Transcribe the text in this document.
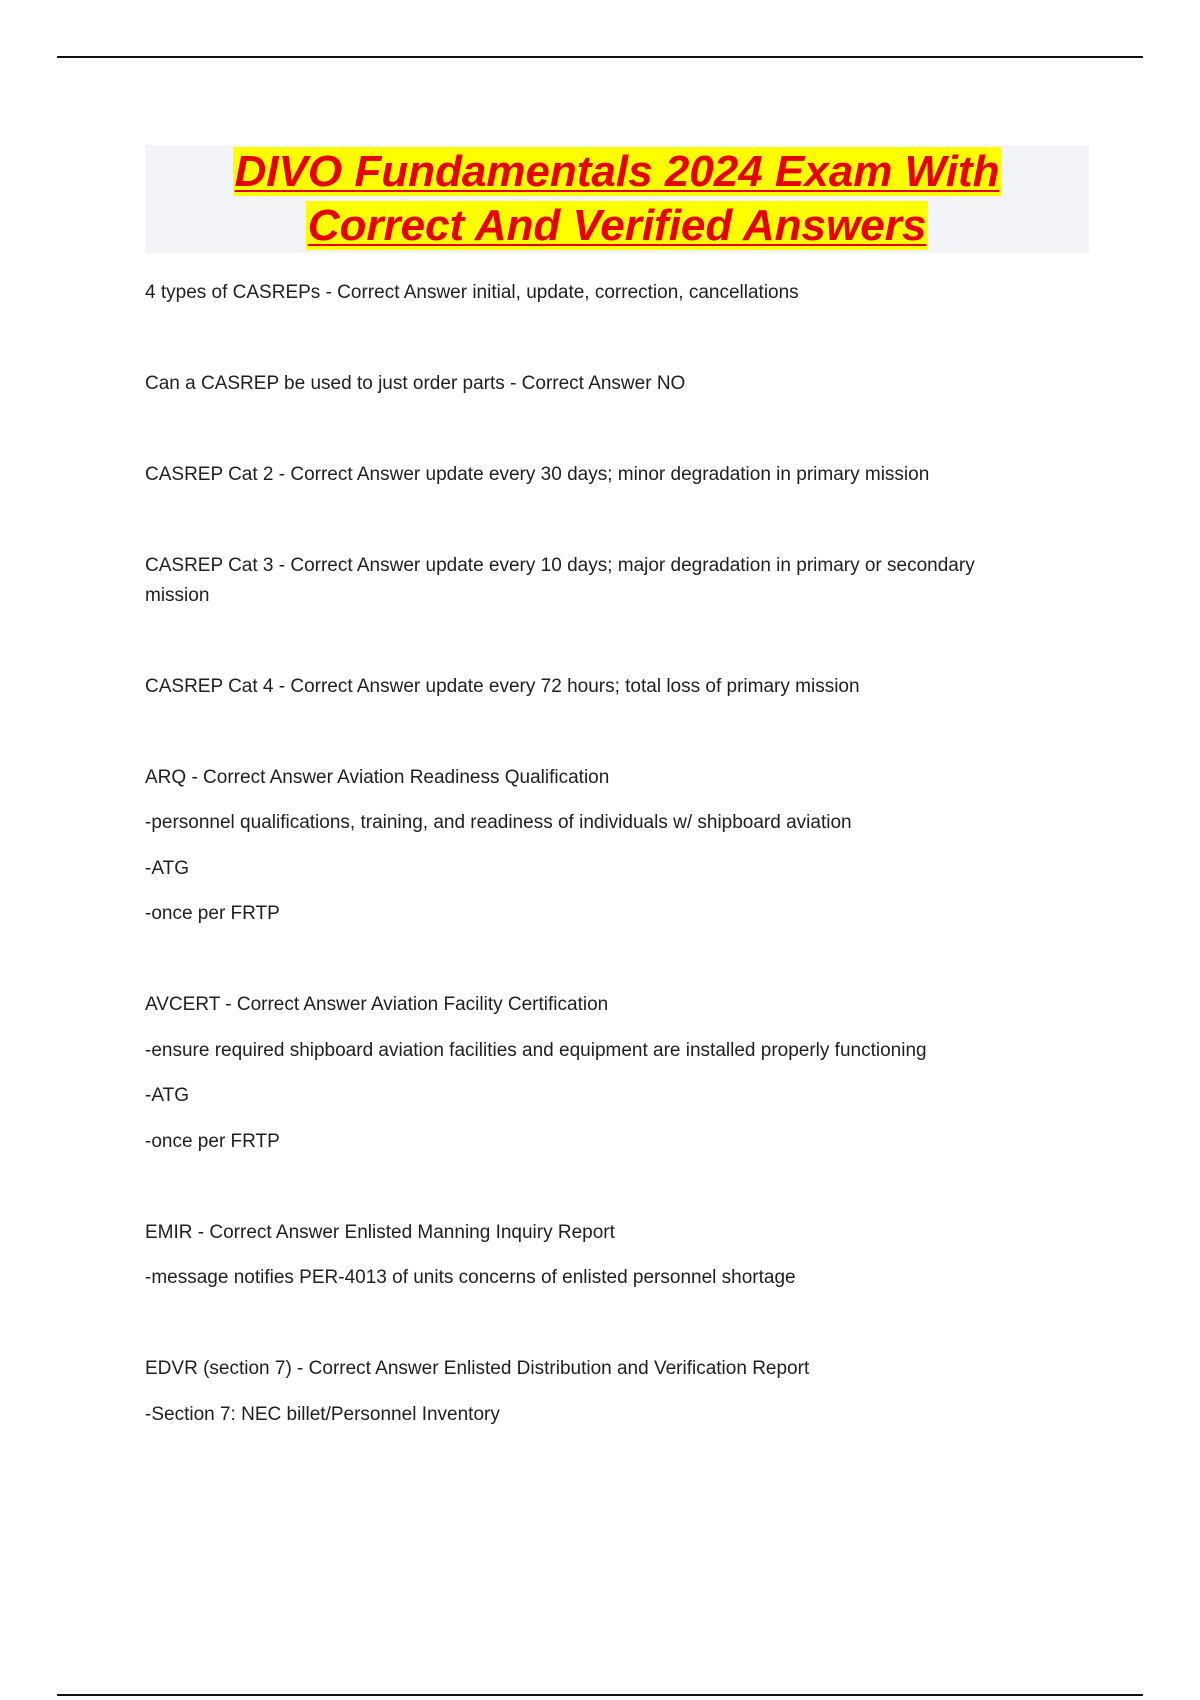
DIVO Fundamentals 2024 Exam With
Correct And Verified Answers
4 types of CASREPs - Correct Answer initial, update, correction, cancellations
Can a CASREP be used to just order parts - Correct Answer NO
CASREP Cat 2 - Correct Answer update every 30 days; minor degradation in primary mission
CASREP Cat 3 - Correct Answer update every 10 days; major degradation in primary or secondary
mission
CASREP Cat 4 - Correct Answer update every 72 hours; total loss of primary mission
ARQ - Correct Answer Aviation Readiness Qualification
-personnel qualifications, training, and readiness of individuals w/ shipboard aviation
-ATG
-once per FRTP
AVCERT - Correct Answer Aviation Facility Certification
-ensure required shipboard aviation facilities and equipment are installed properly functioning
-ATG
-once per FRTP
EMIR - Correct Answer Enlisted Manning Inquiry Report
-message notifies PER-4013 of units concerns of enlisted personnel shortage
EDVR (section 7) - Correct Answer Enlisted Distribution and Verification Report
-Section 7: NEC billet/Personnel Inventory
